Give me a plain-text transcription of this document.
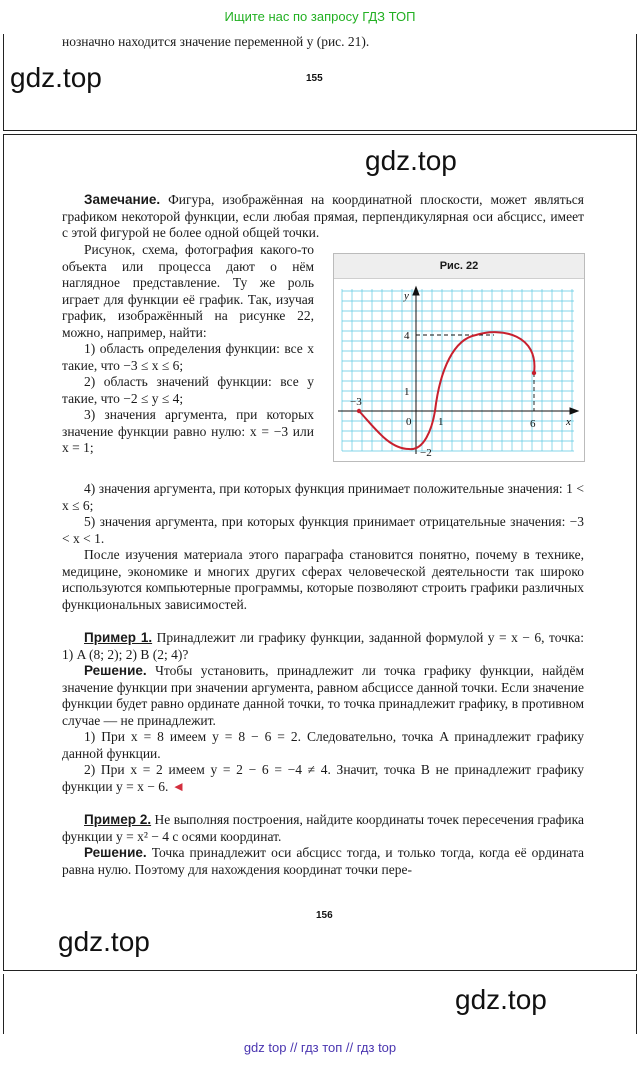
Ищите нас по запросу ГДЗ ТОП
нозначно находится значение переменной y (рис. 21).
gdz.top	155
gdz.top

Замечание. Фигура, изображённая на координатной плоскости, может являться графиком некоторой функции, если любая прямая, перпендикулярная оси абсцисс, имеет с этой фигурой не более одной общей точки.

Рисунок, схема, фотография какого-то объекта или процесса дают о нём наглядное представление. Ту же роль играет для функции её график. Так, изучая график, изображённый на рисунке 22, можно, например, найти:

1) область определения функции: все x такие, что −3 ≤ x ≤ 6;

2) область значений функции: все y такие, что −2 ≤ y ≤ 4;

3) значения аргумента, при которых значение функции равно нулю: x = −3 или x = 1;

Рис. 22
y
x
4
1
0
−2
−3
1	6

4) значения аргумента, при которых функция принимает положительные значения: 1 < x ≤ 6;

5) значения аргумента, при которых функция принимает отрицательные значения: −3 < x < 1.

После изучения материала этого параграфа становится понятно, почему в технике, медицине, экономике и многих других сферах человеческой деятельности так широко используются компьютерные программы, которые позволяют строить графики различных функциональных зависимостей.

Пример 1. Принадлежит ли графику функции, заданной формулой y = x − 6, точка: 1) A (8; 2); 2) B (2; 4)?

Решение. Чтобы установить, принадлежит ли точка графику функции, найдём значение функции при значении аргумента, равном абсциссе данной точки. Если значение функции будет равно ординате данной точки, то точка принадлежит графику, в противном случае — не принадлежит.

1) При x = 8 имеем y = 8 − 6 = 2. Следовательно, точка A принадлежит графику данной функции.

2) При x = 2 имеем y = 2 − 6 = −4 ≠ 4. Значит, точка B не принадлежит графику функции y = x − 6. ◄

Пример 2. Не выполняя построения, найдите координаты точек пересечения графика функции y = x² − 4 с осями координат.

Решение. Точка принадлежит оси абсцисс тогда, и только тогда, когда её ордината равна нулю. Поэтому для нахождения координат точки пере-

156
gdz.top
gdz.top
gdz top // гдз топ // гдз top
